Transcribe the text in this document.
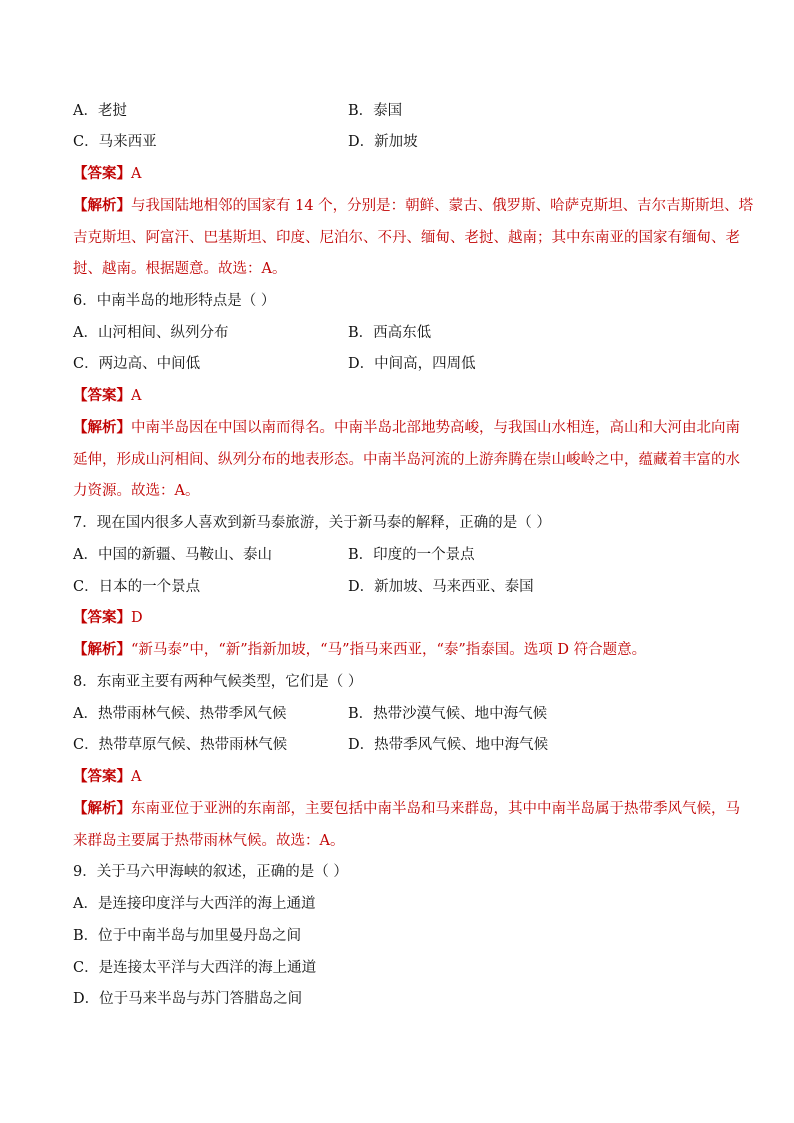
A．老挝	B．泰国
C．马来西亚	D．新加坡
【答案】A
【解析】与我国陆地相邻的国家有 14 个，分别是：朝鲜、蒙古、俄罗斯、哈萨克斯坦、吉尔吉斯斯坦、塔
吉克斯坦、阿富汗、巴基斯坦、印度、尼泊尔、不丹、缅甸、老挝、越南；其中东南亚的国家有缅甸、老
挝、越南。根据题意。故选：A。
6．中南半岛的地形特点是（ ）
A．山河相间、纵列分布	B．西高东低
C．两边高、中间低	D．中间高，四周低
【答案】A
【解析】中南半岛因在中国以南而得名。中南半岛北部地势高峻，与我国山水相连，高山和大河由北向南
延伸，形成山河相间、纵列分布的地表形态。中南半岛河流的上游奔腾在崇山峻岭之中，蕴藏着丰富的水
力资源。故选：A。
7．现在国内很多人喜欢到新马泰旅游，关于新马泰的解释，正确的是（ ）
A．中国的新疆、马鞍山、泰山	B．印度的一个景点
C．日本的一个景点	D．新加坡、马来西亚、泰国
【答案】D
【解析】“新马泰”中，“新”指新加坡，“马”指马来西亚，“泰”指泰国。选项 D 符合题意。
8．东南亚主要有两种气候类型，它们是（ ）
A．热带雨林气候、热带季风气候	B．热带沙漠气候、地中海气候
C．热带草原气候、热带雨林气候	D．热带季风气候、地中海气候
【答案】A
【解析】东南亚位于亚洲的东南部，主要包括中南半岛和马来群岛，其中中南半岛属于热带季风气候，马
来群岛主要属于热带雨林气候。故选：A。
9．关于马六甲海峡的叙述，正确的是（ ）
A．是连接印度洋与大西洋的海上通道
B．位于中南半岛与加里曼丹岛之间
C．是连接太平洋与大西洋的海上通道
D．位于马来半岛与苏门答腊岛之间
